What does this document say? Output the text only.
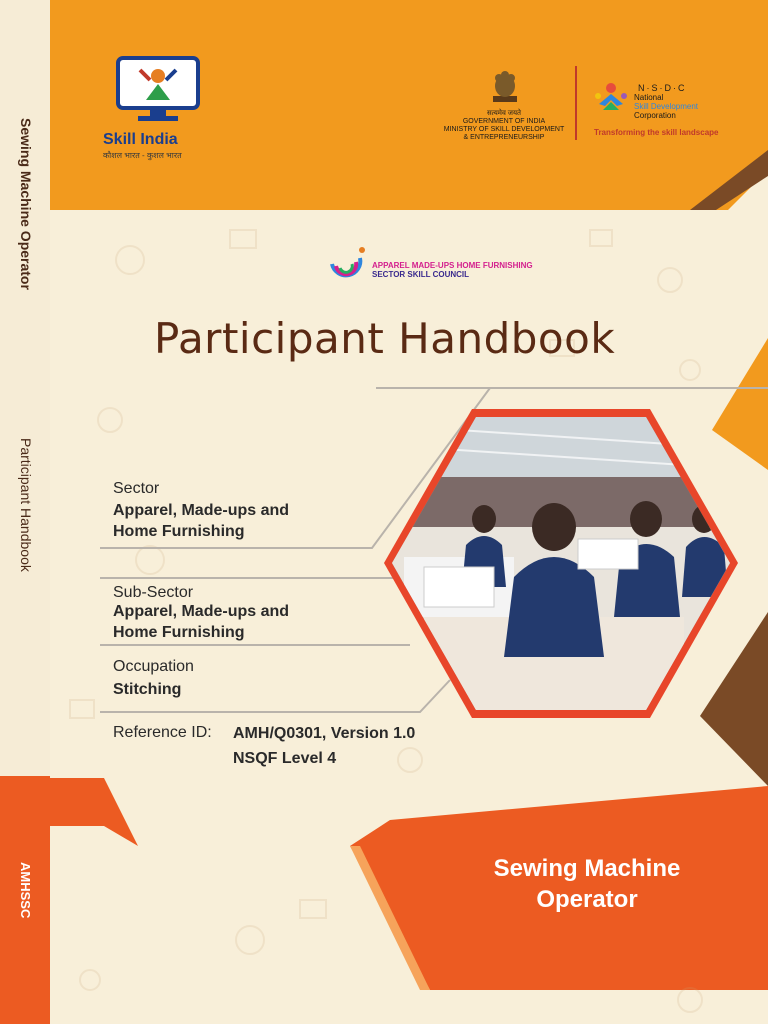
Sewing Machine Operator
Participant Handbook
AMHSSC
Skill India
कौशल भारत - कुशल भारत
सत्यमेव जयते
GOVERNMENT OF INDIA
MINISTRY OF SKILL DEVELOPMENT
& ENTREPRENEURSHIP
N·S·D·C
National
Skill Development
Corporation
Transforming the skill landscape
APPAREL MADE-UPS HOME FURNISHING
SECTOR SKILL COUNCIL
Participant Handbook
Sector
Apparel, Made-ups and
Home Furnishing
Sub-Sector
Apparel, Made-ups and
Home Furnishing
Occupation
Stitching
Reference ID: AMH/Q0301, Version 1.0
NSQF Level 4
Sewing Machine
Operator
